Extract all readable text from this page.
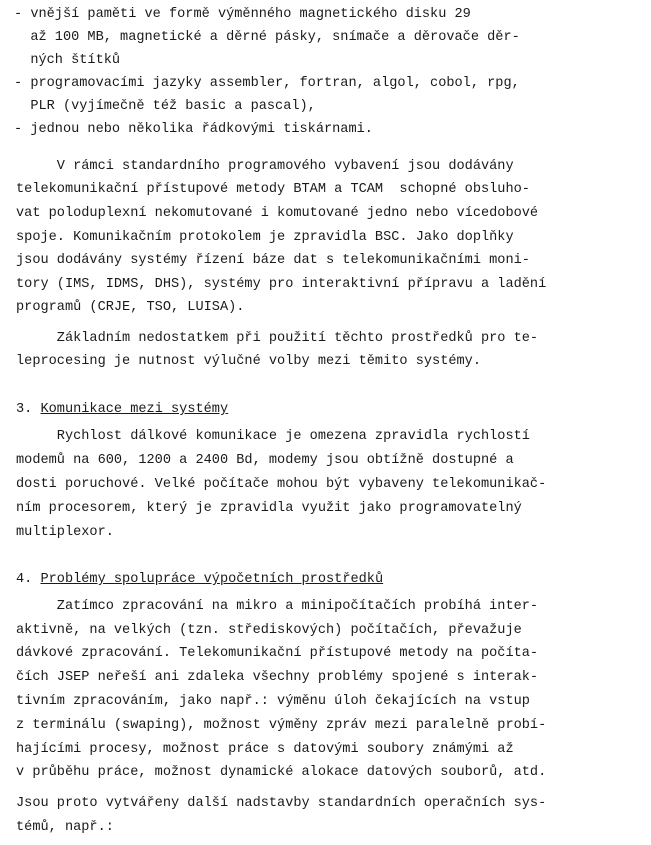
- vnější paměti ve formě výměnného magnetického disku 29
až 100 MB, magnetické a děrné pásky, snímače a děrovače děr-
ných štítků
- programovacími jazyky assembler, fortran, algol, cobol, rpg,
PLR (vyjímečně též basic a pascal),
- jednou nebo několika řádkovými tiskárnami.
V rámci standardního programového vybavení jsou dodávány
telekomunikační přístupové metody BTAM a TCAM  schopné obsluho-
vat poloduplexní nekomutované i komutované jedno nebo vícedobové
spoje. Komunikačním protokolem je zpravidla BSC. Jako doplňky
jsou dodávány systémy řízení báze dat s telekomunikačními moni-
tory (IMS, IDMS, DHS), systémy pro interaktivní přípravu a ladění
programů (CRJE, TSO, LUISA).
Základním nedostatkem při použití těchto prostředků pro te-
leprocesing je nutnost výlučné volby mezi těmito systémy.
3. Komunikace mezi systémy
Rychlost dálkové komunikace je omezena zpravidla rychlostí
modemů na 600, 1200 a 2400 Bd, modemy jsou obtížně dostupné a
dosti poruchové. Velké počítače mohou být vybaveny telekomunikač-
ním procesorem, který je zpravidla využit jako programovatelný
multiplexor.
4. Problémy spolupráce výpočetních prostředků
Zatímco zpracování na mikro a minipočítačích probíhá inter-
aktivně, na velkých (tzn. střediskových) počítačích, převažuje
dávkové zpracování. Telekomunikační přístupové metody na počíta-
čích JSEP neřeší ani zdaleka všechny problémy spojené s interak-
tivním zpracováním, jako např.: výměnu úloh čekajících na vstup
z terminálu (swaping), možnost výměny zpráv mezi paralelně probí-
hajícími procesy, možnost práce s datovými soubory známými až
v průběhu práce, možnost dynamické alokace datových souborů, atd.
Jsou proto vytvářeny další nadstavby standardních operačních sys-
témů, např.:
